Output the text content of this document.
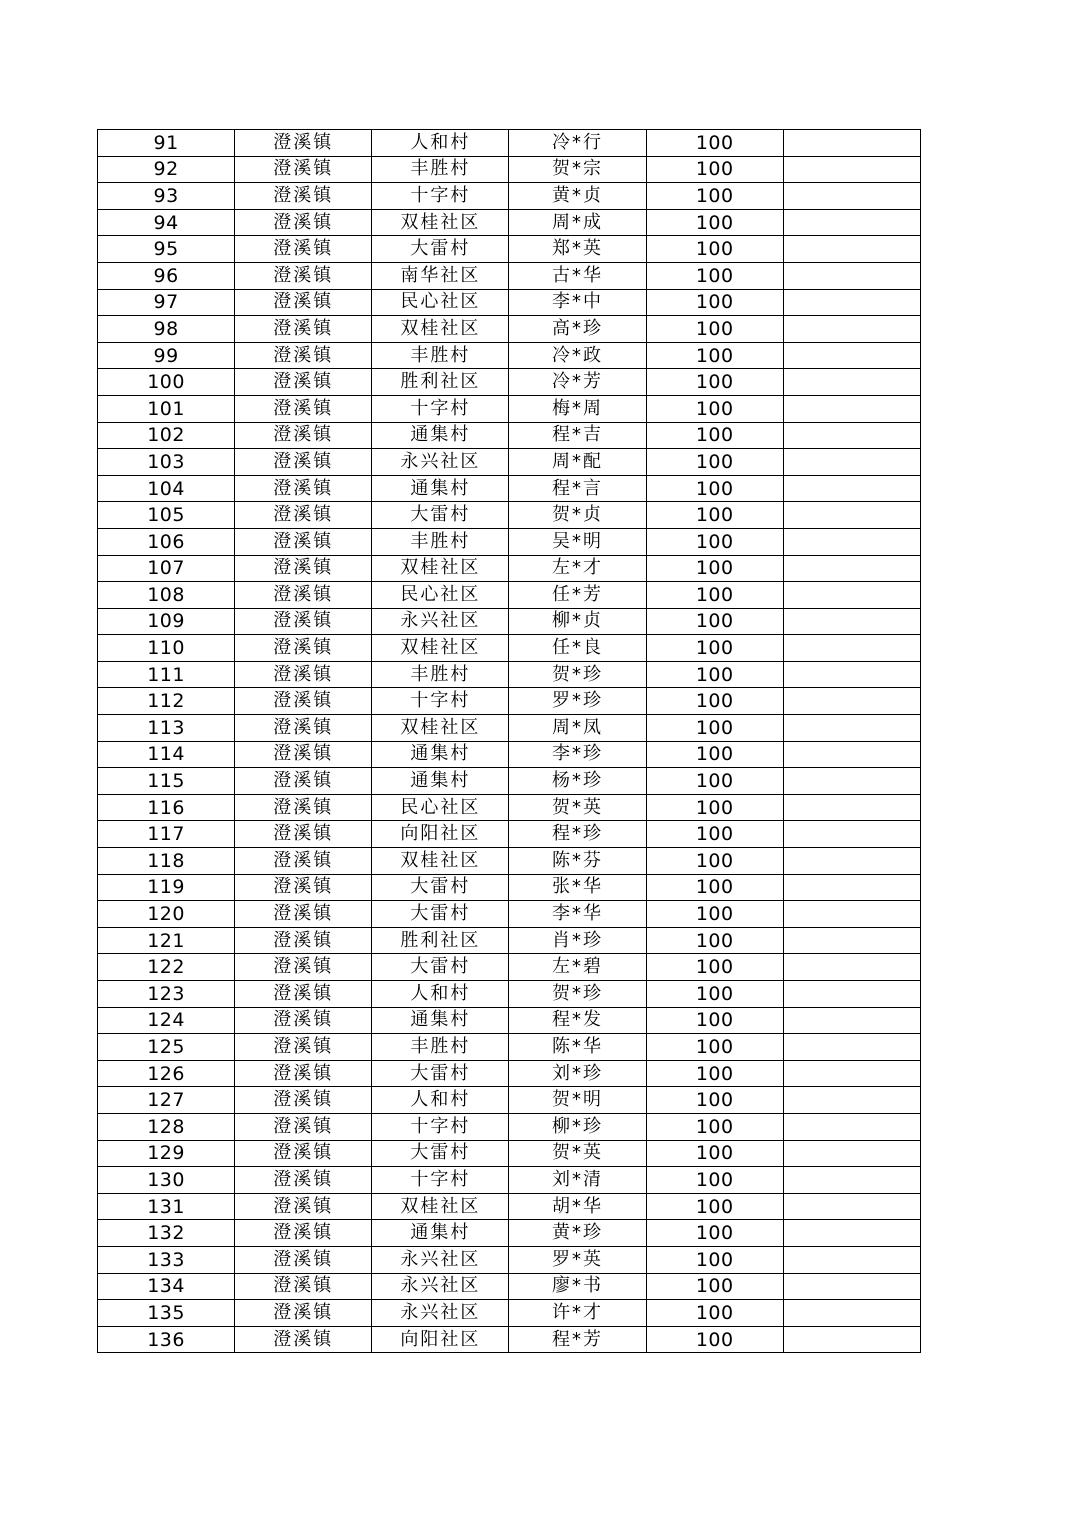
91	澄溪镇	人和村	冷*行	100	
92	澄溪镇	丰胜村	贺*宗	100	
93	澄溪镇	十字村	黄*贞	100	
94	澄溪镇	双桂社区	周*成	100	
95	澄溪镇	大雷村	郑*英	100	
96	澄溪镇	南华社区	古*华	100	
97	澄溪镇	民心社区	李*中	100	
98	澄溪镇	双桂社区	高*珍	100	
99	澄溪镇	丰胜村	冷*政	100	
100	澄溪镇	胜利社区	冷*芳	100	
101	澄溪镇	十字村	梅*周	100	
102	澄溪镇	通集村	程*吉	100	
103	澄溪镇	永兴社区	周*配	100	
104	澄溪镇	通集村	程*言	100	
105	澄溪镇	大雷村	贺*贞	100	
106	澄溪镇	丰胜村	吴*明	100	
107	澄溪镇	双桂社区	左*才	100	
108	澄溪镇	民心社区	任*芳	100	
109	澄溪镇	永兴社区	柳*贞	100	
110	澄溪镇	双桂社区	任*良	100	
111	澄溪镇	丰胜村	贺*珍	100	
112	澄溪镇	十字村	罗*珍	100	
113	澄溪镇	双桂社区	周*凤	100	
114	澄溪镇	通集村	李*珍	100	
115	澄溪镇	通集村	杨*珍	100	
116	澄溪镇	民心社区	贺*英	100	
117	澄溪镇	向阳社区	程*珍	100	
118	澄溪镇	双桂社区	陈*芬	100	
119	澄溪镇	大雷村	张*华	100	
120	澄溪镇	大雷村	李*华	100	
121	澄溪镇	胜利社区	肖*珍	100	
122	澄溪镇	大雷村	左*碧	100	
123	澄溪镇	人和村	贺*珍	100	
124	澄溪镇	通集村	程*发	100	
125	澄溪镇	丰胜村	陈*华	100	
126	澄溪镇	大雷村	刘*珍	100	
127	澄溪镇	人和村	贺*明	100	
128	澄溪镇	十字村	柳*珍	100	
129	澄溪镇	大雷村	贺*英	100	
130	澄溪镇	十字村	刘*清	100	
131	澄溪镇	双桂社区	胡*华	100	
132	澄溪镇	通集村	黄*珍	100	
133	澄溪镇	永兴社区	罗*英	100	
134	澄溪镇	永兴社区	廖*书	100	
135	澄溪镇	永兴社区	许*才	100	
136	澄溪镇	向阳社区	程*芳	100	
